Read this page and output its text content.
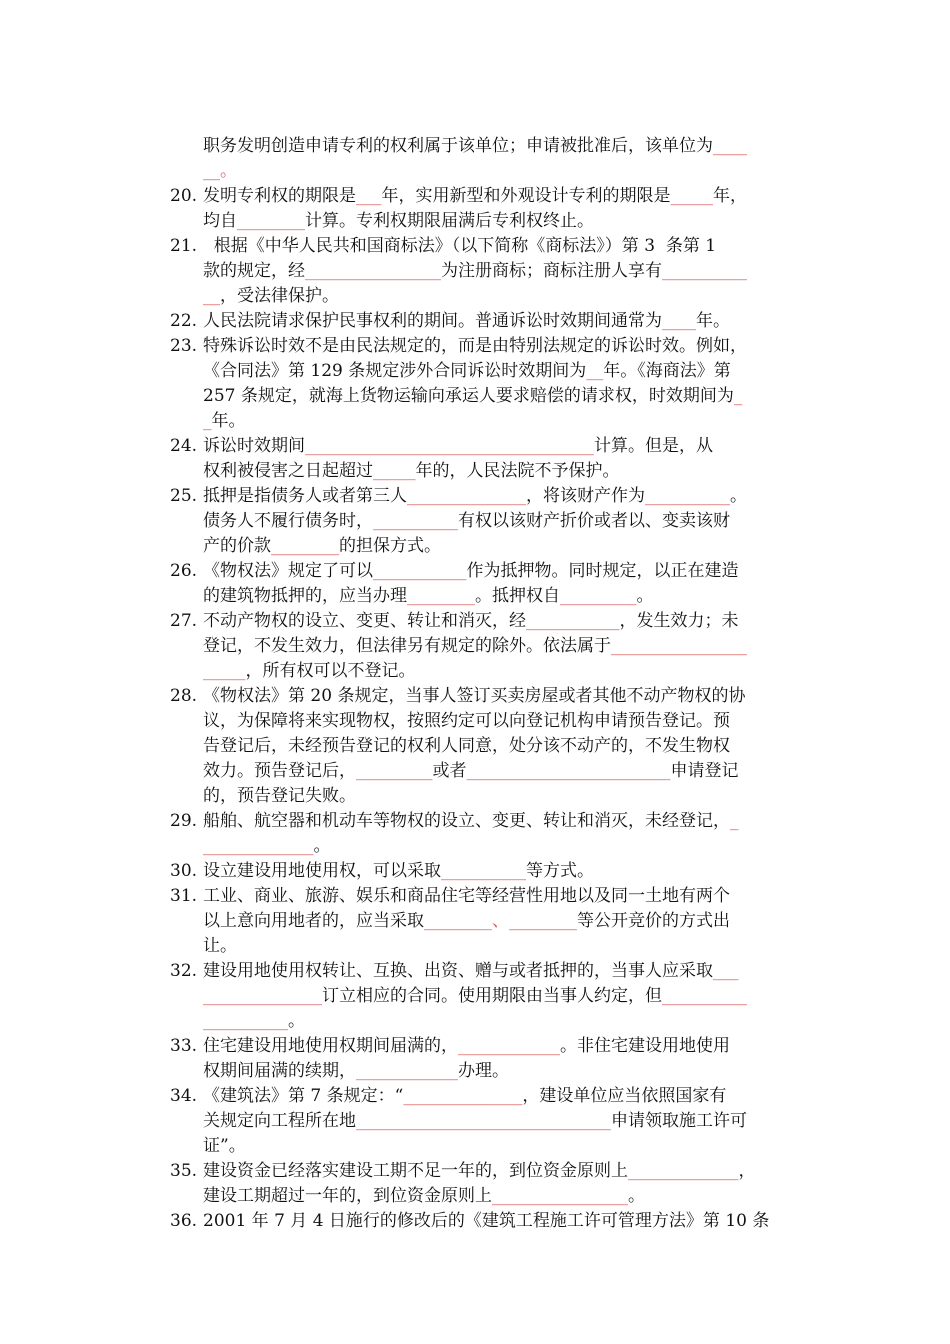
职务发明创造申请专利的权利属于该单位；申请被批准后，该单位为____
__。
20. 发明专利权的期限是___年，实用新型和外观设计专利的期限是_____年，
均自________计算。专利权期限届满后专利权终止。
21. 根据《中华人民共和国商标法》（以下简称《商标法》）第 3  条第 1
款的规定，经________________为注册商标；商标注册人享有__________
__，受法律保护。
22. 人民法院请求保护民事权利的期间。普通诉讼时效期间通常为____年。
23. 特殊诉讼时效不是由民法规定的，而是由特别法规定的诉讼时效。例如，
《合同法》第 129 条规定涉外合同诉讼时效期间为__年。《海商法》第
257 条规定，就海上货物运输向承运人要求赔偿的请求权，时效期间为_
_年。
24. 诉讼时效期间__________________________________计算。但是，从
权利被侵害之日起超过_____年的，人民法院不予保护。
25. 抵押是指债务人或者第三人______________，将该财产作为__________。
债务人不履行债务时，__________有权以该财产折价或者以、变卖该财
产的价款________的担保方式。
26. 《物权法》规定了可以___________作为抵押物。同时规定，以正在建造
的建筑物抵押的，应当办理________。抵押权自_________。
27. 不动产物权的设立、变更、转让和消灭，经___________，发生效力；未
登记，不发生效力，但法律另有规定的除外。依法属于________________
_____，所有权可以不登记。
28. 《物权法》第 20 条规定，当事人签订买卖房屋或者其他不动产物权的协
议，为保障将来实现物权，按照约定可以向登记机构申请预告登记。预
告登记后，未经预告登记的权利人同意，处分该不动产的，不发生物权
效力。预告登记后，_________或者________________________申请登记
的，预告登记失败。
29. 船舶、航空器和机动车等物权的设立、变更、转让和消灭，未经登记，_
_____________。
30. 设立建设用地使用权，可以采取__________等方式。
31. 工业、商业、旅游、娱乐和商品住宅等经营性用地以及同一土地有两个
以上意向用地者的，应当采取________、________等公开竞价的方式出
让。
32. 建设用地使用权转让、互换、出资、赠与或者抵押的，当事人应采取___
______________订立相应的合同。使用期限由当事人约定，但__________
__________。
33. 住宅建设用地使用权期间届满的，____________。非住宅建设用地使用
权期间届满的续期，____________办理。
34. 《建筑法》第 7 条规定：“______________，建设单位应当依照国家有
关规定向工程所在地______________________________申请领取施工许可
证”。
35. 建设资金已经落实建设工期不足一年的，到位资金原则上_____________，
建设工期超过一年的，到位资金原则上________________。
36. 2001 年 7 月 4 日施行的修改后的《建筑工程施工许可管理方法》第 10 条
